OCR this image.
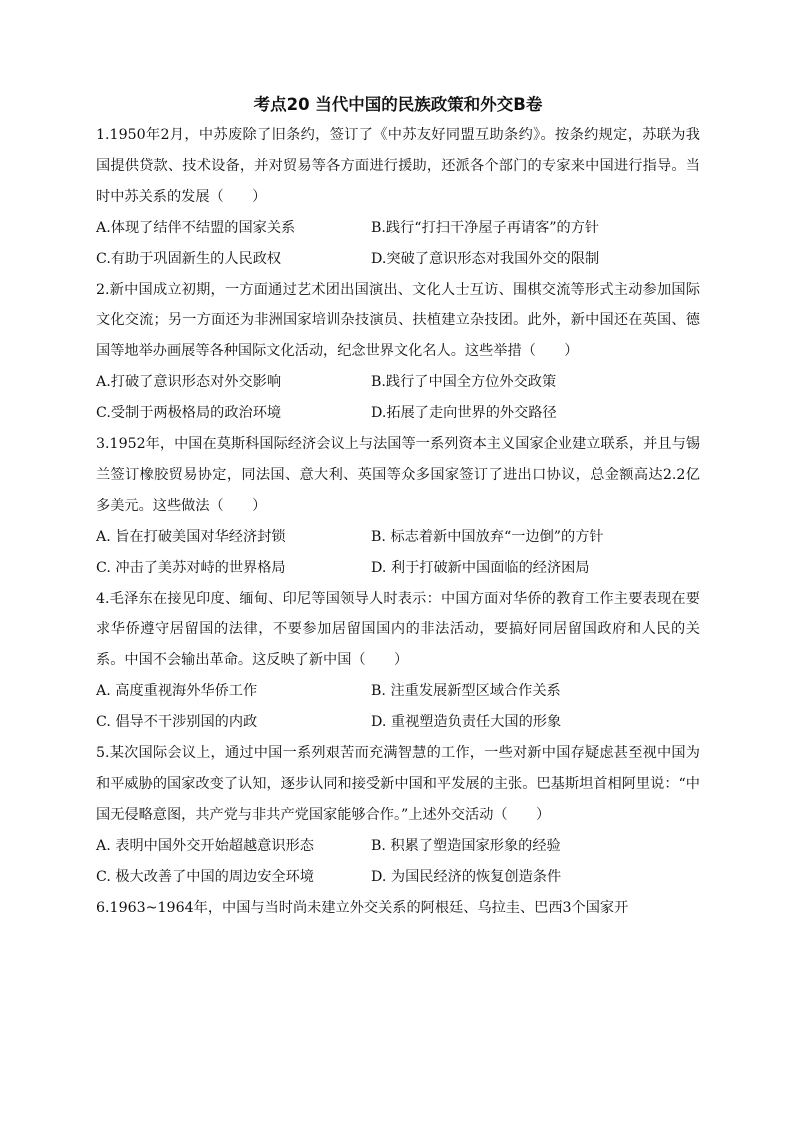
考点20 当代中国的民族政策和外交B卷

1.1950年2月，中苏废除了旧条约，签订了《中苏友好同盟互助条约》。按条约规定，苏联为我国提供贷款、技术设备，并对贸易等各方面进行援助，还派各个部门的专家来中国进行指导。当时中苏关系的发展（　　）

A.体现了结伴不结盟的国家关系	B.践行“打扫干净屋子再请客”的方针
C.有助于巩固新生的人民政权	D.突破了意识形态对我国外交的限制

2.新中国成立初期，一方面通过艺术团出国演出、文化人士互访、围棋交流等形式主动参加国际文化交流；另一方面还为非洲国家培训杂技演员、扶植建立杂技团。此外，新中国还在英国、德国等地举办画展等各种国际文化活动，纪念世界文化名人。这些举措（　　）

A.打破了意识形态对外交影响	B.践行了中国全方位外交政策
C.受制于两极格局的政治环境	D.拓展了走向世界的外交路径

3.1952年，中国在莫斯科国际经济会议上与法国等一系列资本主义国家企业建立联系，并且与锡兰签订橡胶贸易协定，同法国、意大利、英国等众多国家签订了进出口协议，总金额高达2.2亿多美元。这些做法（　　）

A. 旨在打破美国对华经济封锁	B. 标志着新中国放弃“一边倒”的方针
C. 冲击了美苏对峙的世界格局	D. 利于打破新中国面临的经济困局

4.毛泽东在接见印度、缅甸、印尼等国领导人时表示：中国方面对华侨的教育工作主要表现在要求华侨遵守居留国的法律，不要参加居留国国内的非法活动，要搞好同居留国政府和人民的关系。中国不会输出革命。这反映了新中国（　　）

A. 高度重视海外华侨工作	B. 注重发展新型区域合作关系
C. 倡导不干涉别国的内政	D. 重视塑造负责任大国的形象

5.某次国际会议上，通过中国一系列艰苦而充满智慧的工作，一些对新中国存疑虑甚至视中国为和平威胁的国家改变了认知，逐步认同和接受新中国和平发展的主张。巴基斯坦首相阿里说：“中国无侵略意图，共产党与非共产党国家能够合作。”上述外交活动（　　）

A. 表明中国外交开始超越意识形态	B. 积累了塑造国家形象的经验
C. 极大改善了中国的周边安全环境	D. 为国民经济的恢复创造条件

6.1963~1964年，中国与当时尚未建立外交关系的阿根廷、乌拉圭、巴西3个国家开
